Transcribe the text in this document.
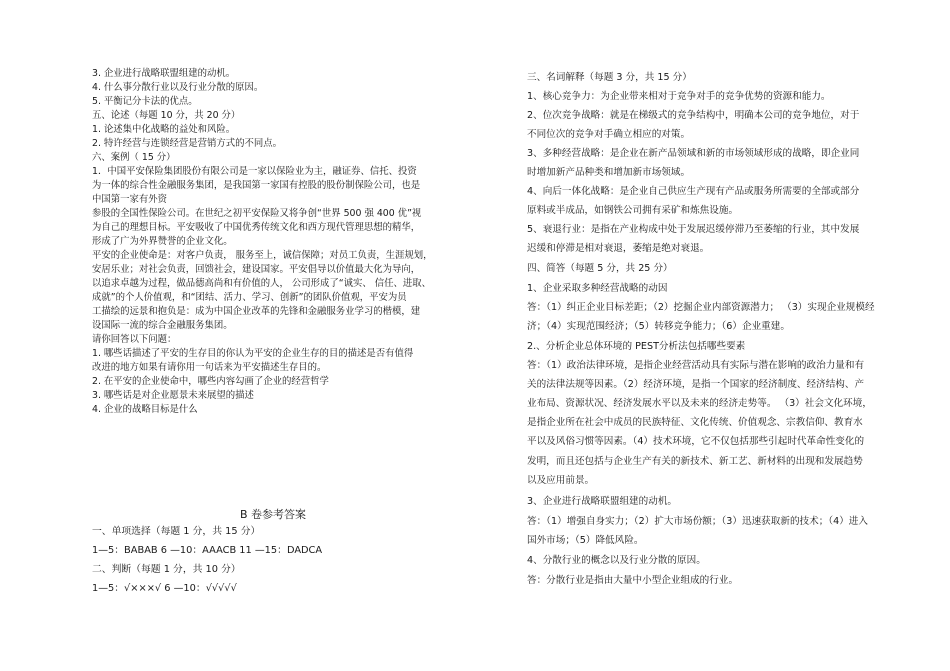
3. 企业进行战略联盟组建的动机。
4. 什么事分散行业以及行业分散的原因。
5. 平衡记分卡法的优点。
五、论述（每题 10 分，共 20 分）
1. 论述集中化战略的益处和风险。
2. 特许经营与连锁经营是营销方式的不同点。
六、案例（ 15 分）
1．中国平安保险集团股份有限公司是一家以保险业为主，融证券、信托、投资
为一体的综合性金融服务集团，是我国第一家国有控股的股份制保险公司，也是
中国第一家有外资
参股的全国性保险公司。在世纪之初平安保险又将争创“世界 500 强 400 优”视
为自己的理想目标。平安吸收了中国优秀传统文化和西方现代管理思想的精华，
形成了广为外界赞誉的企业文化。
平安的企业使命是：对客户负责， 服务至上，诚信保障；对员工负责，生涯规划，
安居乐业；对社会负责，回馈社会，建设国家。平安倡导以价值最大化为导向，
以追求卓越为过程，做品德高尚和有价值的人， 公司形成了“诚实、 信任、进取、
成就”的个人价值观，和“团结、活力、学习、创新”的团队价值观，平安为员
工描绘的远景和抱负是：成为中国企业改革的先锋和金融服务业学习的楷模，建
设国际一流的综合金融服务集团。
请你回答以下问题：
1. 哪些话描述了平安的生存目的你认为平安的企业生存的目的描述是否有值得
改进的地方如果有请你用一句话来为平安描述生存目的。
2. 在平安的企业使命中，哪些内容勾画了企业的经营哲学
3. 哪些话是对企业愿景未来展望的描述
4. 企业的战略目标是什么
B 卷参考答案
一、单项选择（每题 1 分，共 15 分）
1—5：BABAB 6 —10：AAACB 11 —15：DADCA
二、判断（每题 1 分，共 10 分）
1—5：√×××√ 6 —10：√√√√√
三、名词解释（每题 3 分，共 15 分）
1、核心竞争力：为企业带来相对于竞争对手的竞争优势的资源和能力。
2、位次竞争战略：就是在梯级式的竞争结构中，明确本公司的竞争地位，对于
不同位次的竞争对手确立相应的对策。
3、多种经营战略：是企业在新产品领域和新的市场领域形成的战略，即企业同
时增加新产品种类和增加新市场领域。
4、向后一体化战略：是企业自己供应生产现有产品或服务所需要的全部或部分
原料或半成品，如钢铁公司拥有采矿和炼焦设施。
5、衰退行业：是指在产业构成中处于发展迟缓停滞乃至萎缩的行业，其中发展
迟缓和停滞是相对衰退，萎缩是绝对衰退。
四、简答（每题 5 分，共 25 分）
1、企业采取多种经营战略的动因
答：（1）纠正企业目标差距；（2）挖掘企业内部资源潜力； （3）实现企业规模经
济；（4）实现范围经济；（5）转移竞争能力；（6）企业重建。
2.、分析企业总体环境的 PEST分析法包括哪些要素
答：（1）政治法律环境，是指企业经营活动具有实际与潜在影响的政治力量和有
关的法律法规等因素。（2）经济环境，是指一个国家的经济制度、经济结构、产
业布局、资源状况、经济发展水平以及未来的经济走势等。 （3）社会文化环境，
是指企业所在社会中成员的民族特征、文化传统、价值观念、宗教信仰、教育水
平以及风俗习惯等因素。（4）技术环境，它不仅包括那些引起时代革命性变化的
发明，而且还包括与企业生产有关的新技术、新工艺、新材料的出现和发展趋势
以及应用前景。
3、企业进行战略联盟组建的动机。
答：（1）增强自身实力；（2）扩大市场份额；（3）迅速获取新的技术；（4）进入
国外市场；（5）降低风险。
4、分散行业的概念以及行业分散的原因。
答：分散行业是指由大量中小型企业组成的行业。
